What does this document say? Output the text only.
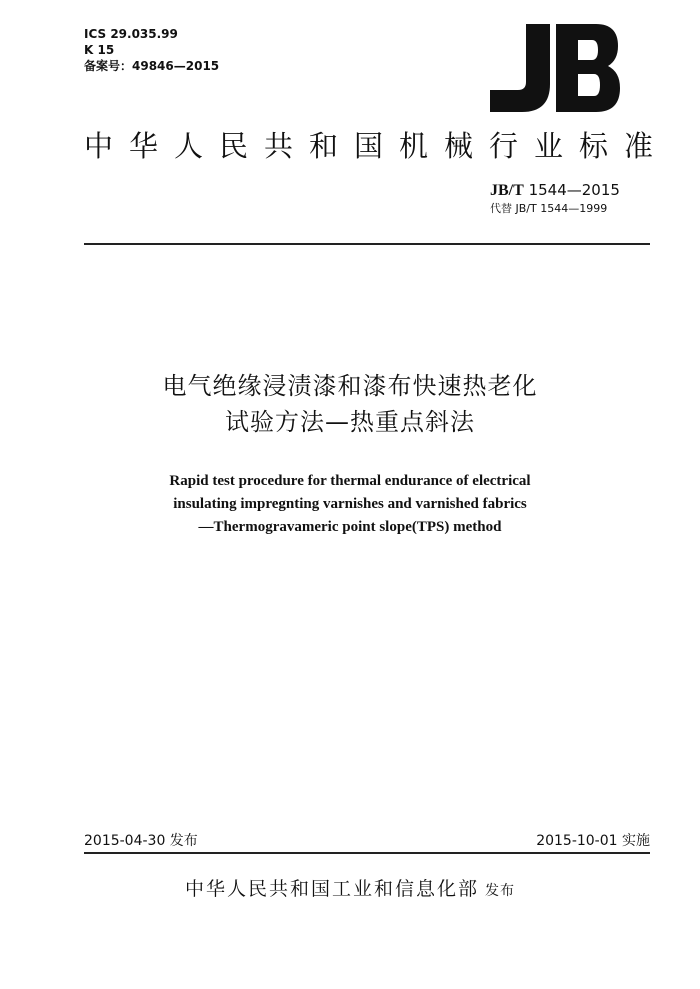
ICS 29.035.99
K 15
备案号：49846—2015
中华人民共和国机械行业标准
JB/T 1544—2015
代替 JB/T 1544—1999
电气绝缘浸渍漆和漆布快速热老化
试验方法—热重点斜法
Rapid test procedure for thermal endurance of electrical
insulating impregnting varnishes and varnished fabrics
—Thermogravameric point slope(TPS) method
2015-04-30 发布	2015-10-01 实施
中华人民共和国工业和信息化部 发布
